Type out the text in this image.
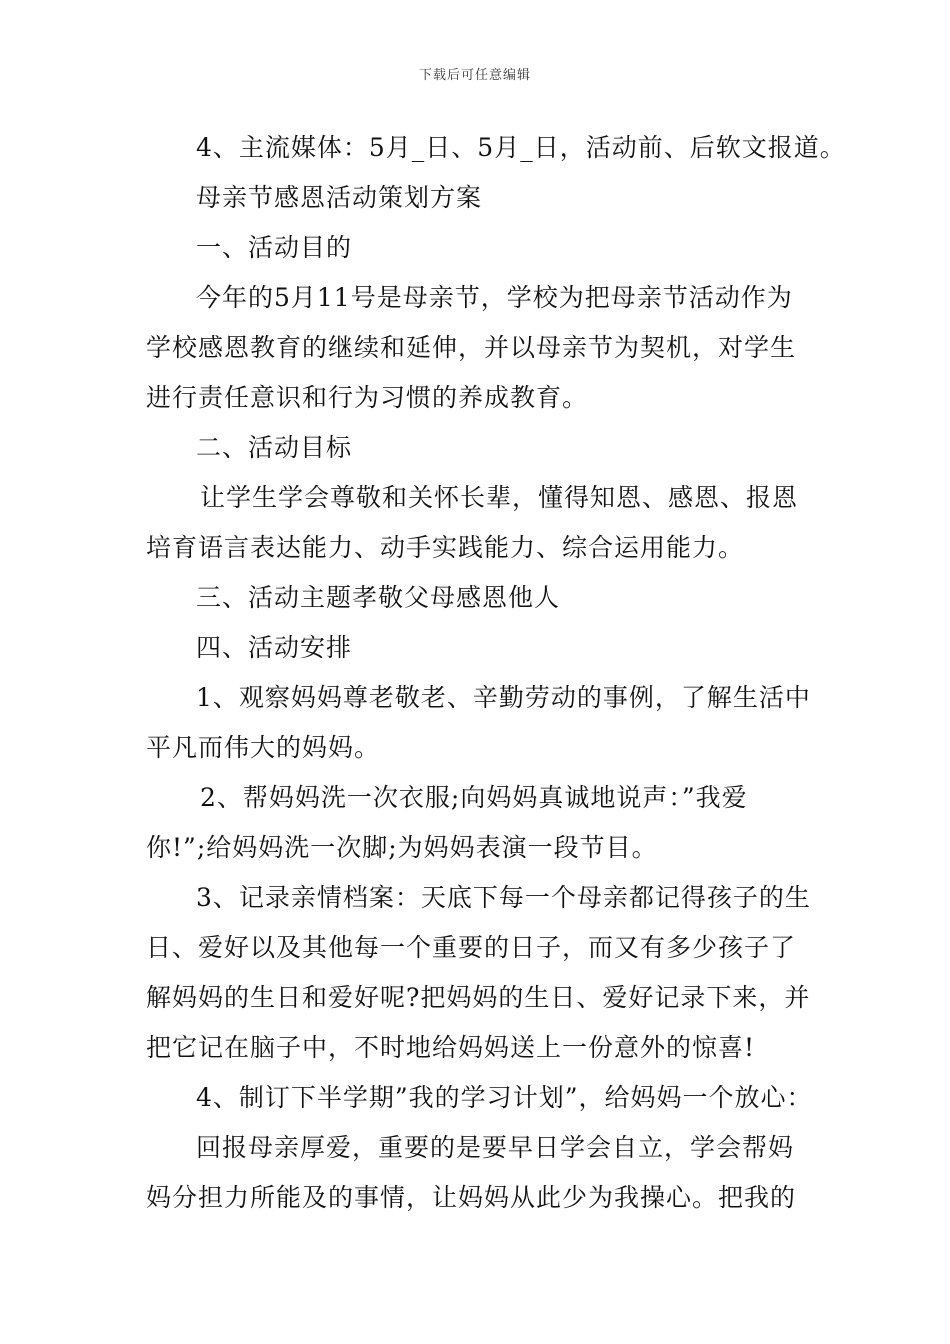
下载后可任意编辑
4、主流媒体：5月_日、5月_日，活动前、后软文报道。
母亲节感恩活动策划方案
一、活动目的
今年的5月11号是母亲节，学校为把母亲节活动作为
学校感恩教育的继续和延伸，并以母亲节为契机，对学生
进行责任意识和行为习惯的养成教育。
二、活动目标
让学生学会尊敬和关怀长辈，懂得知恩、感恩、报恩
培育语言表达能力、动手实践能力、综合运用能力。
三、活动主题孝敬父母感恩他人
四、活动安排
1、观察妈妈尊老敬老、辛勤劳动的事例，了解生活中
平凡而伟大的妈妈。
2、帮妈妈洗一次衣服;向妈妈真诚地说声：”我爱
你!”;给妈妈洗一次脚;为妈妈表演一段节目。
3、记录亲情档案：天底下每一个母亲都记得孩子的生
日、爱好以及其他每一个重要的日子，而又有多少孩子了
解妈妈的生日和爱好呢?把妈妈的生日、爱好记录下来，并
把它记在脑子中，不时地给妈妈送上一份意外的惊喜!
4、制订下半学期”我的学习计划”，给妈妈一个放心：
回报母亲厚爱，重要的是要早日学会自立，学会帮妈
妈分担力所能及的事情，让妈妈从此少为我操心。把我的
